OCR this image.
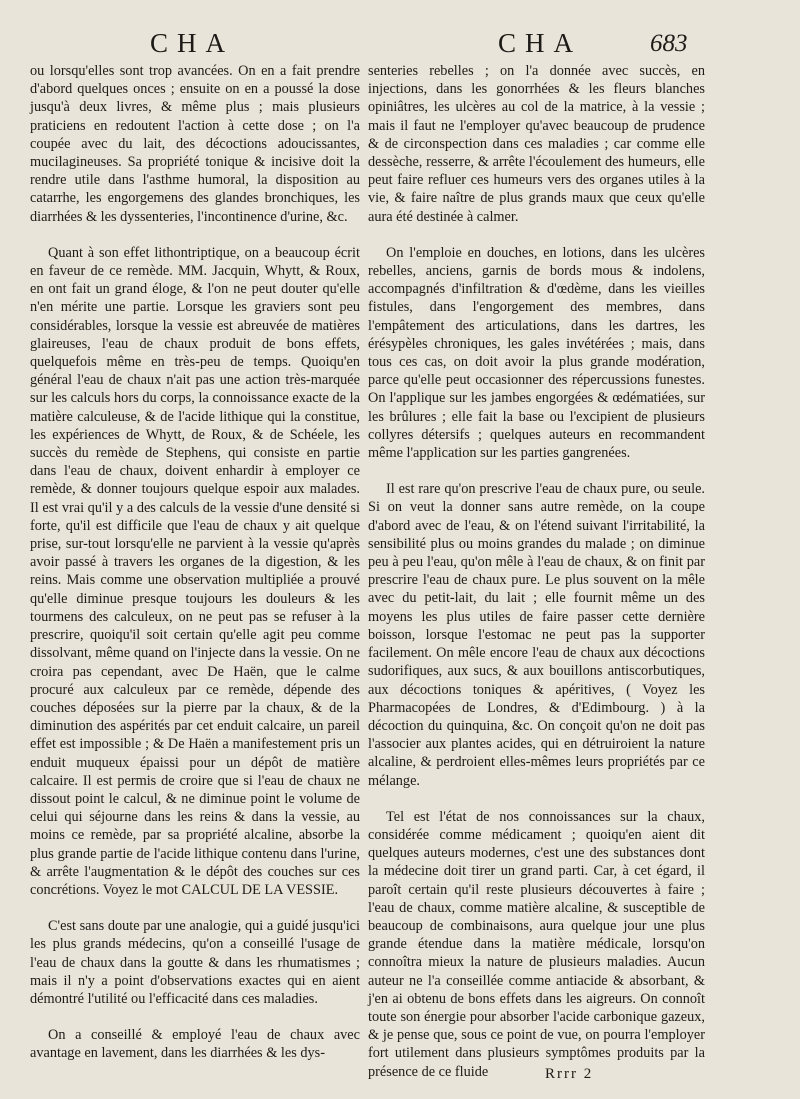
CHA	CHA	683

ou lorsqu'elles sont trop avancées. On en a fait prendre d'abord quelques onces ; ensuite on en a poussé la dose jusqu'à deux livres, & même plus ; mais plusieurs praticiens en redoutent l'action à cette dose ; on l'a coupée avec du lait, des décoctions adoucissantes, mucilagineuses. Sa propriété tonique & incisive doit la rendre utile dans l'asthme humoral, la disposition au catarrhe, les engorgemens des glandes bronchiques, les diarrhées & les dyssenteries, l'incontinence d'urine, &c.

Quant à son effet lithontriptique, on a beaucoup écrit en faveur de ce remède. MM. Jacquin, Whytt, & Roux, en ont fait un grand éloge, & l'on ne peut douter qu'elle n'en mérite une partie. Lorsque les graviers sont peu considérables, lorsque la vessie est abreuvée de matières glaireuses, l'eau de chaux produit de bons effets, quelquefois même en très-peu de temps. Quoiqu'en général l'eau de chaux n'ait pas une action très-marquée sur les calculs hors du corps, la connoissance exacte de la matière calculeuse, & de l'acide lithique qui la constitue, les expériences de Whytt, de Roux, & de Schéele, les succès du remède de Stephens, qui consiste en partie dans l'eau de chaux, doivent enhardir à employer ce remède, & donner toujours quelque espoir aux malades. Il est vrai qu'il y a des calculs de la vessie d'une densité si forte, qu'il est difficile que l'eau de chaux y ait quelque prise, sur-tout lorsqu'elle ne parvient à la vessie qu'après avoir passé à travers les organes de la digestion, & les reins. Mais comme une observation multipliée a prouvé qu'elle diminue presque toujours les douleurs & les tourmens des calculeux, on ne peut pas se refuser à la prescrire, quoiqu'il soit certain qu'elle agit peu comme dissolvant, même quand on l'injecte dans la vessie. On ne croira pas cependant, avec De Haën, que le calme procuré aux calculeux par ce remède, dépende des couches déposées sur la pierre par la chaux, & de la diminution des aspérités par cet enduit calcaire, un pareil effet est impossible ; & De Haën a manifestement pris un enduit muqueux épaissi pour un dépôt de matière calcaire. Il est permis de croire que si l'eau de chaux ne dissout point le calcul, & ne diminue point le volume de celui qui séjourne dans les reins & dans la vessie, au moins ce remède, par sa propriété alcaline, absorbe la plus grande partie de l'acide lithique contenu dans l'urine, & arrête l'augmentation & le dépôt des couches sur ces concrétions. Voyez le mot CALCUL DE LA VESSIE.

C'est sans doute par une analogie, qui a guidé jusqu'ici les plus grands médecins, qu'on a conseillé l'usage de l'eau de chaux dans la goutte & dans les rhumatismes ; mais il n'y a point d'observations exactes qui en aient démontré l'utilité ou l'efficacité dans ces maladies.

On a conseillé & employé l'eau de chaux avec avantage en lavement, dans les diarrhées & les dys-

senteries rebelles ; on l'a donnée avec succès, en injections, dans les gonorrhées & les fleurs blanches opiniâtres, les ulcères au col de la matrice, à la vessie ; mais il faut ne l'employer qu'avec beaucoup de prudence & de circonspection dans ces maladies ; car comme elle dessèche, resserre, & arrête l'écoulement des humeurs, elle peut faire refluer ces humeurs vers des organes utiles à la vie, & faire naître de plus grands maux que ceux qu'elle aura été destinée à calmer.

On l'emploie en douches, en lotions, dans les ulcères rebelles, anciens, garnis de bords mous & indolens, accompagnés d'infiltration & d'œdème, dans les vieilles fistules, dans l'engorgement des membres, dans l'empâtement des articulations, dans les dartres, les érésypèles chroniques, les gales invétérées ; mais, dans tous ces cas, on doit avoir la plus grande modération, parce qu'elle peut occasionner des répercussions funestes. On l'applique sur les jambes engorgées & œdématiées, sur les brûlures ; elle fait la base ou l'excipient de plusieurs collyres détersifs ; quelques auteurs en recommandent même l'application sur les parties gangrenées.

Il est rare qu'on prescrive l'eau de chaux pure, ou seule. Si on veut la donner sans autre remède, on la coupe d'abord avec de l'eau, & on l'étend suivant l'irritabilité, la sensibilité plus ou moins grandes du malade ; on diminue peu à peu l'eau, qu'on mêle à l'eau de chaux, & on finit par prescrire l'eau de chaux pure. Le plus souvent on la mêle avec du petit-lait, du lait ; elle fournit même un des moyens les plus utiles de faire passer cette dernière boisson, lorsque l'estomac ne peut pas la supporter facilement. On mêle encore l'eau de chaux aux décoctions sudorifiques, aux sucs, & aux bouillons antiscorbutiques, aux décoctions toniques & apéritives, ( Voyez les Pharmacopées de Londres, & d'Edimbourg. ) à la décoction du quinquina, &c. On conçoit qu'on ne doit pas l'associer aux plantes acides, qui en détruiroient la nature alcaline, & perdroient elles-mêmes leurs propriétés par ce mélange.

Tel est l'état de nos connoissances sur la chaux, considérée comme médicament ; quoiqu'en aient dit quelques auteurs modernes, c'est une des substances dont la médecine doit tirer un grand parti. Car, à cet égard, il paroît certain qu'il reste plusieurs découvertes à faire ; l'eau de chaux, comme matière alcaline, & susceptible de beaucoup de combinaisons, aura quelque jour une plus grande étendue dans la matière médicale, lorsqu'on connoîtra mieux la nature de plusieurs maladies. Aucun auteur ne l'a conseillée comme antiacide & absorbant, & j'en ai obtenu de bons effets dans les aigreurs. On connoît toute son énergie pour absorber l'acide carbonique gazeux, & je pense que, sous ce point de vue, on pourra l'employer fort utilement dans plusieurs symptômes produits par la présence de ce fluide	Rrrr 2
